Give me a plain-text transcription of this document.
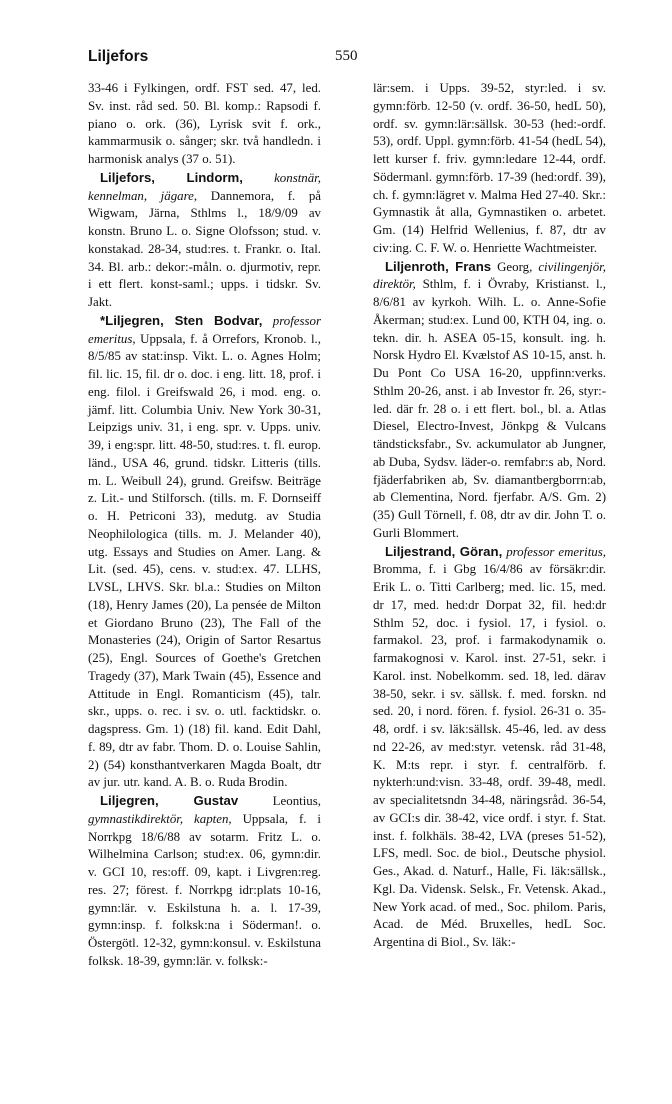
Liljefors	550

33-46 i Fylkingen, ordf. FST sed. 47, led. Sv. inst. råd sed. 50. Bl. komp.: Rapsodi f. piano o. ork. (36), Lyrisk svit f. ork., kammarmusik o. sånger; skr. två handledn. i harmonisk analys (37 o. 51).

Liljefors, Lindorm, konstnär, kennelman, jägare, Dannemora, f. på Wigwam, Järna, Sthlms l., 18/9/09 av konstn. Bruno L. o. Signe Olofsson; stud. v. konstakad. 28-34, stud:res. t. Frankr. o. Ital. 34. Bl. arb.: dekor:-måln. o. djurmotiv, repr. i ett flert. konst-saml.; upps. i tidskr. Sv. Jakt.

*Liljegren, Sten Bodvar, professor emeritus, Uppsala, f. å Orrefors, Kronob. l., 8/5/85 av stat:insp. Vikt. L. o. Agnes Holm; fil. lic. 15, fil. dr o. doc. i eng. litt. 18, prof. i eng. filol. i Greifswald 26, i mod. eng. o. jämf. litt. Columbia Univ. New York 30-31, Leipzigs univ. 31, i eng. spr. v. Upps. univ. 39, i eng:spr. litt. 48-50, stud:res. t. fl. europ. länd., USA 46, grund. tidskr. Litteris (tills. m. L. Weibull 24), grund. Greifsw. Beiträge z. Lit.- und Stilforsch. (tills. m. F. Dornseiff o. H. Petriconi 33), medutg. av Studia Neophilologica (tills. m. J. Melander 40), utg. Essays and Studies on Amer. Lang. & Lit. (sed. 45), cens. v. stud:ex. 47. LLHS, LVSL, LHVS. Skr. bl.a.: Studies on Milton (18), Henry James (20), La pensée de Milton et Giordano Bruno (23), The Fall of the Monasteries (24), Origin of Sartor Resartus (25), Engl. Sources of Goethe's Gretchen Tragedy (37), Mark Twain (45), Essence and Attitude in Engl. Romanticism (45), talr. skr., upps. o. rec. i sv. o. utl. facktidskr. o. dagspress. Gm. 1) (18) fil. kand. Edit Dahl, f. 89, dtr av fabr. Thom. D. o. Louise Sahlin, 2) (54) konsthantverkaren Magda Boalt, dtr av jur. utr. kand. A. B. o. Ruda Brodin.

Liljegren, Gustav	Leontius, gymnastikdirektör, kapten, Uppsala, f. i Norrkpg 18/6/88 av sotarm. Fritz L. o. Wilhelmina Carlson; stud:ex. 06, gymn:dir. v. GCI 10, res:off. 09, kapt. i Livgren:reg. res. 27; förest. f. Norrkpg idr:plats 10-16, gymn:lär. v. Eskilstuna h. a. l. 17-39, gymn:insp. f. folksk:na i Söderman!. o. Östergötl. 12-32, gymn:konsul. v. Eskilstuna folksk. 18-39, gymn:lär. v. folksk:-

lär:sem. i Upps. 39-52, styr:led. i sv. gymn:förb. 12-50 (v. ordf. 36-50, hedL 50), ordf. sv. gymn:lär:sällsk. 30-53 (hed:-ordf. 53), ordf. Uppl. gymn:förb. 41-54 (hedL 54), lett kurser f. friv. gymn:ledare 12-44, ordf. Södermanl. gymn:förb. 17-39 (hed:ordf. 39), ch. f. gymn:lägret v. Malma Hed 27-40. Skr.: Gymnastik åt alla, Gymnastiken o. arbetet. Gm. (14) Helfrid Wellenius, f. 87, dtr av civ:ing. C. F. W. o. Henriette Wachtmeister.

Liljenroth, Frans Georg, civilingenjör, direktör, Sthlm, f. i Övraby, Kristianst. l., 8/6/81 av kyrkoh. Wilh. L. o. Anne-Sofie Åkerman; stud:ex. Lund 00, KTH 04, ing. o. tekn. dir. h. ASEA 05-15, konsult. ing. h. Norsk Hydro El. Kvælstof AS 10-15, anst. h. Du Pont Co USA 16-20, uppfinn:verks. Sthlm 20-26, anst. i ab Investor fr. 26, styr:-led. där fr. 28 o. i ett flert. bol., bl. a. Atlas Diesel, Electro-Invest, Jönkpg & Vulcans tändsticksfabr., Sv. ackumulator ab Jungner, ab Duba, Sydsv. läder-o. remfabr:s ab, Nord. fjäderfabriken ab, Sv. diamantbergborrn:ab, ab Clementina, Nord. fjerfabr. A/S. Gm. 2) (35) Gull Törnell, f. 08, dtr av dir. John T. o. Gurli Blommert.

Liljestrand, Göran, professor emeritus, Bromma, f. i Gbg 16/4/86 av försäkr:dir. Erik L. o. Titti Carlberg; med. lic. 15, med. dr 17, med. hed:dr Dorpat 32, fil. hed:dr Sthlm 52, doc. i fysiol. 17, i fysiol. o. farmakol. 23, prof. i farmakodynamik o. farmakognosi v. Karol. inst. 27-51, sekr. i Karol. inst. Nobelkomm. sed. 18, led. därav 38-50, sekr. i sv. sällsk. f. med. forskn. nd sed. 20, i nord. fören. f. fysiol. 26-31 o. 35-48, ordf. i sv. läk:sällsk. 45-46, led. av dess nd 22-26, av med:styr. vetensk. råd 31-48, K. M:ts repr. i styr. f. centralförb. f. nykterh:und:visn. 33-48, ordf. 39-48, medl. av specialitetsndn 34-48, näringsråd. 36-54, av GCI:s dir. 38-42, vice ordf. i styr. f. Stat. inst. f. folkhäls. 38-42, LVA (preses 51-52), LFS, medl. Soc. de biol., Deutsche physiol. Ges., Akad. d. Naturf., Halle, Fi. läk:sällsk., Kgl. Da. Vidensk. Selsk., Fr. Vetensk. Akad., New York acad. of med., Soc. philom. Paris, Acad. de Méd. Bruxelles, hedL Soc. Argentina di Biol., Sv. läk:-
